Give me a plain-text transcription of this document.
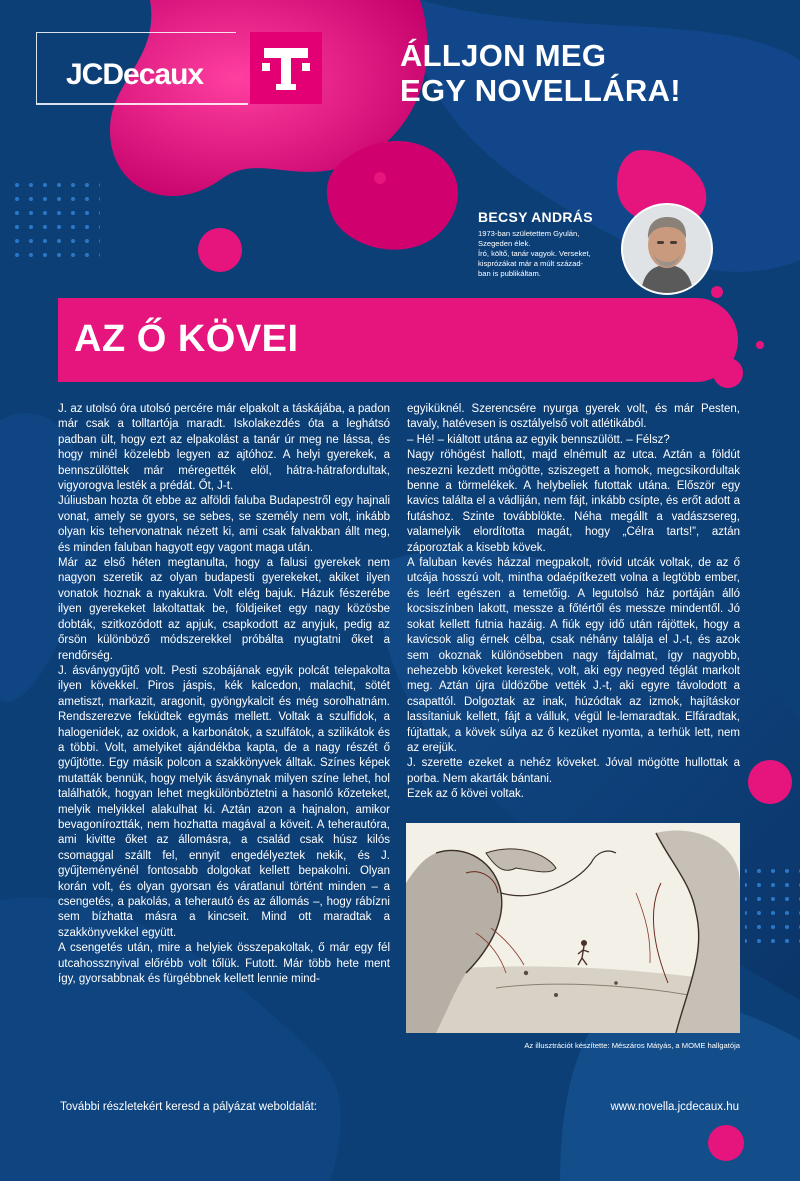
JCDecaux
ÁLLJON MEG
EGY NOVELLÁRA!
BECSY ANDRÁS
1973-ban születettem Gyulán,
Szegeden élek.
Író, költő, tanár vagyok. Verseket,
kisprózákat már a múlt század-
ban is publikáltam.
AZ Ő KÖVEI

J. az utolsó óra utolsó percére már elpakolt a táskájába, a padon már csak a tolltartója maradt. Iskolakezdés óta a leghátsó padban ült, hogy ezt az elpakolást a tanár úr meg ne lássa, és hogy minél közelebb legyen az ajtóhoz. A helyi gyerekek, a bennszülöttek már méregették elöl, hátra-hátrafordultak, vigyorogva lesték a prédát. Őt, J-t.

Júliusban hozta őt ebbe az alföldi faluba Budapestről egy hajnali vonat, amely se gyors, se sebes, se személy nem volt, inkább olyan kis tehervonatnak nézett ki, ami csak falvakban állt meg, és minden faluban hagyott egy vagont maga után.

Már az első héten megtanulta, hogy a falusi gyerekek nem nagyon szeretik az olyan budapesti gyerekeket, akiket ilyen vonatok hoznak a nyakukra. Volt elég bajuk. Házuk fészerébe ilyen gyerekeket lakoltattak be, földjeiket egy nagy közösbe dobták, szitkozódott az apjuk, csapkodott az anyjuk, pedig az őrsön különböző módszerekkel próbálta nyugtatni őket a rendőrség.

J. ásványgyűjtő volt. Pesti szobájának egyik polcát telepakolta ilyen kövekkel. Piros jáspis, kék kalcedon, malachit, sötét ametiszt, markazit, aragonit, gyöngykalcit és még sorolhatnám. Rendszerezve feküdtek egymás mellett. Voltak a szulfidok, a halogenidek, az oxidok, a karbonátok, a szulfátok, a szilikátok és a többi. Volt, amelyiket ajándékba kapta, de a nagy részét ő gyűjtötte. Egy másik polcon a szakkönyvek álltak. Színes képek mutatták bennük, hogy melyik ásványnak milyen színe lehet, hol találhatók, hogyan lehet megkülönböztetni a hasonló kőzeteket, melyik melyikkel alakulhat ki. Aztán azon a hajnalon, amikor bevagoníroztták, nem hozhatta magával a köveit. A teherautóra, ami kivitte őket az állomásra, a család csak húsz kilós csomaggal szállt fel, ennyit engedélyeztek nekik, és J. gyűjteményénél fontosabb dolgokat kellett bepakolni. Olyan korán volt, és olyan gyorsan és váratlanul történt minden – a csengetés, a pakolás, a teherautó és az állomás –, hogy rábízni sem bízhatta másra a kincseit. Mind ott maradtak a szakkönyvekkel együtt.

A csengetés után, mire a helyiek összepakoltak, ő már egy fél utcahossznyival előrébb volt tőlük. Futott. Már több hete ment így, gyorsabbnak és fürgébbnek kellett lennie mind-

egyiküknél. Szerencsére nyurga gyerek volt, és már Pesten, tavaly, hatévesen is osztályelső volt atlétikából.

– Hé! – kiáltott utána az egyik bennszülött. – Félsz?

Nagy röhögést hallott, majd elnémult az utca. Aztán a földút neszezni kezdett mögötte, sziszegett a homok, megcsikordultak benne a törmelékek. A helybeliek futottak utána. Először egy kavics találta el a vádliján, nem fájt, inkább csípte, és erőt adott a futáshoz. Szinte továbblökte. Néha megállt a vadászsereg, valamelyik elordította magát, hogy „Célra tarts!”, aztán záporoztak a kisebb kövek.

A faluban kevés házzal megpakolt, rövid utcák voltak, de az ő utcája hosszú volt, mintha odaépítkezett volna a legtöbb ember, és leért egészen a temetőig. A legutolsó ház portáján álló kocsiszínben lakott, messze a főtértől és messze mindentől. Jó sokat kellett futnia hazáig. A fiúk egy idő után rájöttek, hogy a kavicsok alig érnek célba, csak néhány találja el J.-t, és azok sem okoznak különösebben nagy fájdalmat, így nagyobb, nehezebb köveket kerestek, volt, aki egy negyed téglát markolt meg. Aztán újra üldözőbe vették J.-t, aki egyre távolodott a csapattól. Dolgoztak az inak, húzódtak az izmok, hajításkor lassítaniuk kellett, fájt a válluk, végül le-lemaradtak. Elfáradtak, fújtattak, a kövek súlya az ő kezüket nyomta, a terhük lett, nem az erejük.

J. szerette ezeket a nehéz köveket. Jóval mögötte hullottak a porba. Nem akarták bántani.

Ezek az ő kövei voltak.

Az illusztrációt készítette: Mészáros Mátyás, a MOME hallgatója
További részletekért keresd a pályázat weboldalát:	www.novella.jcdecaux.hu
